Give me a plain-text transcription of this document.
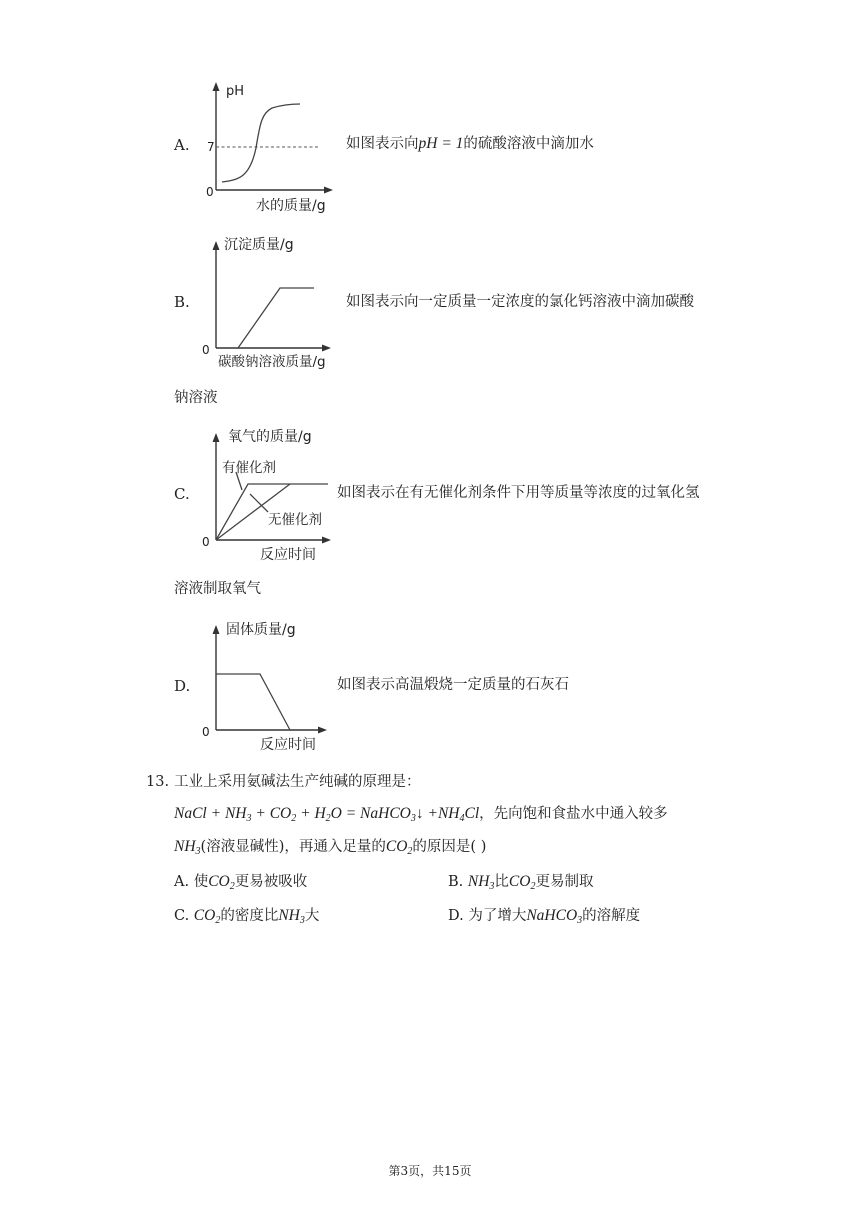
pH
7
0
水的质量/g
A.	如图表示向pH = 1的硫酸溶液中滴加水
沉淀质量/g
0
碳酸钠溶液质量/g
B.	如图表示向一定质量一定浓度的氯化钙溶液中滴加碳酸
钠溶液
氧气的质量/g
有催化剂
无催化剂
0
反应时间
C.	如图表示在有无催化剂条件下用等质量等浓度的过氧化氢
溶液制取氧气
固体质量/g
0
反应时间
D.	如图表示高温煅烧一定质量的石灰石
13. 工业上采用氨碱法生产纯碱的原理是：
NaCl + $NH_3 + CO_2 + H_2O$ = NaHCO$_3$↓ $+NH_4Cl$，先向饱和食盐水中通入较多
$NH_3$(溶液显碱性)，再通入足量的$CO_2$的原因是( )
A. 使$CO_2$更易被吸收	B. $NH_3$比$CO_2$更易制取
C. $CO_2$的密度比$NH_3$大	D. 为了增大NaHCO$_3$的溶解度
第3页，共15页
